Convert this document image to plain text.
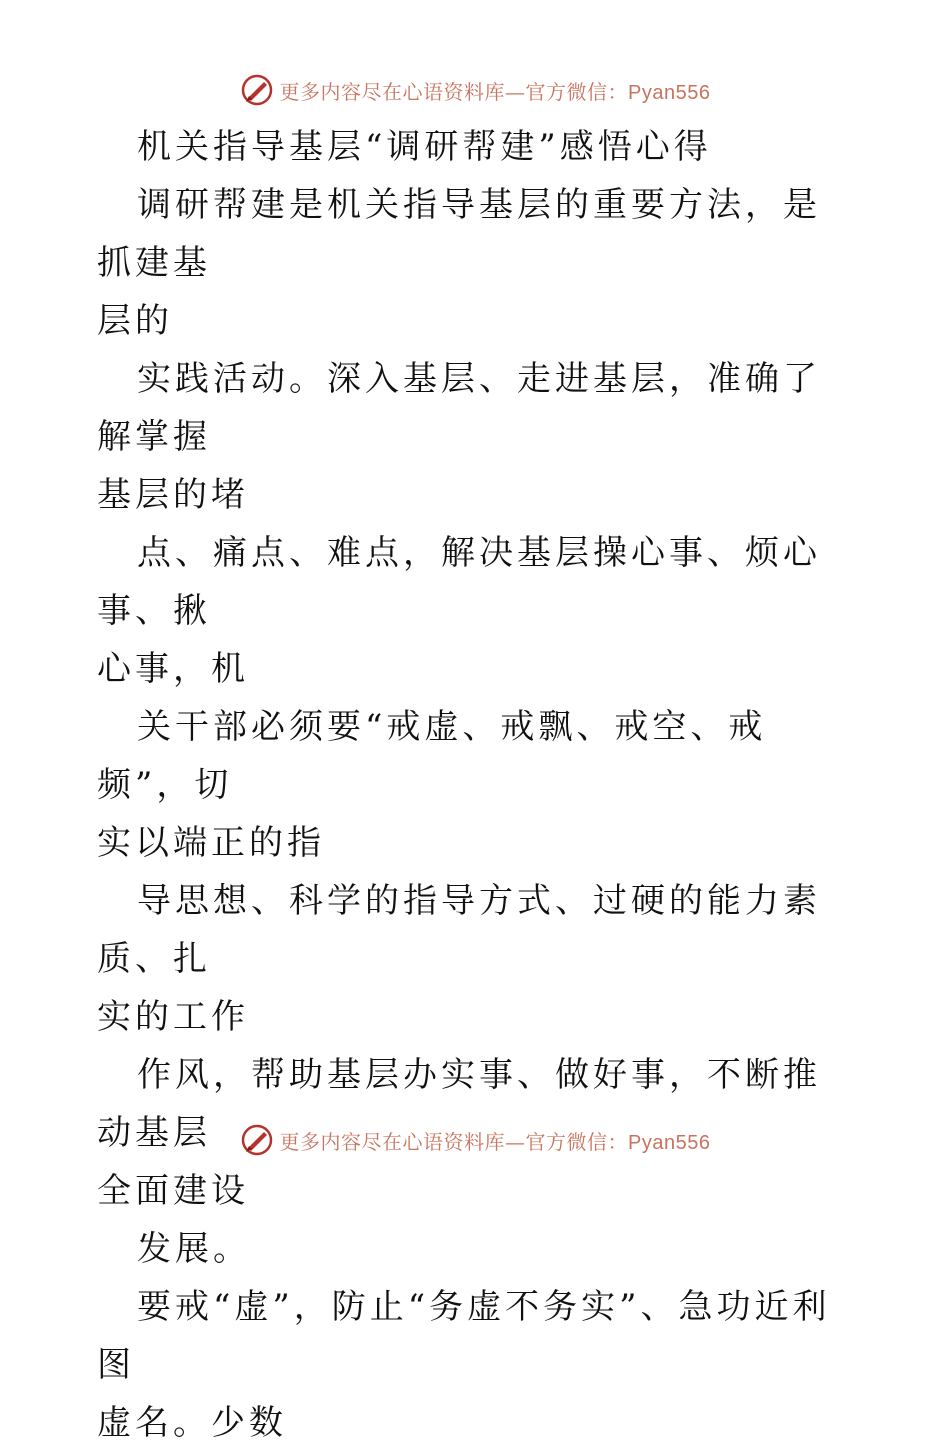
更多内容尽在心语资料库—官方微信：Pyan556

机关指导基层“调研帮建”感悟心得

调研帮建是机关指导基层的重要方法，是抓建基
层的

实践活动。深入基层、走进基层，准确了解掌握
基层的堵

点、痛点、难点，解决基层操心事、烦心事、揪
心事，机

关干部必须要“戒虚、戒飘、戒空、戒频”，切
实以端正的指

导思想、科学的指导方式、过硬的能力素质、扎
实的工作

作风，帮助基层办实事、做好事，不断推动基层
全面建设

发展。

要戒“虚”，防止“务虚不务实”、急功近利图
虚名。少数

更多内容尽在心语资料库—官方微信：Pyan556
